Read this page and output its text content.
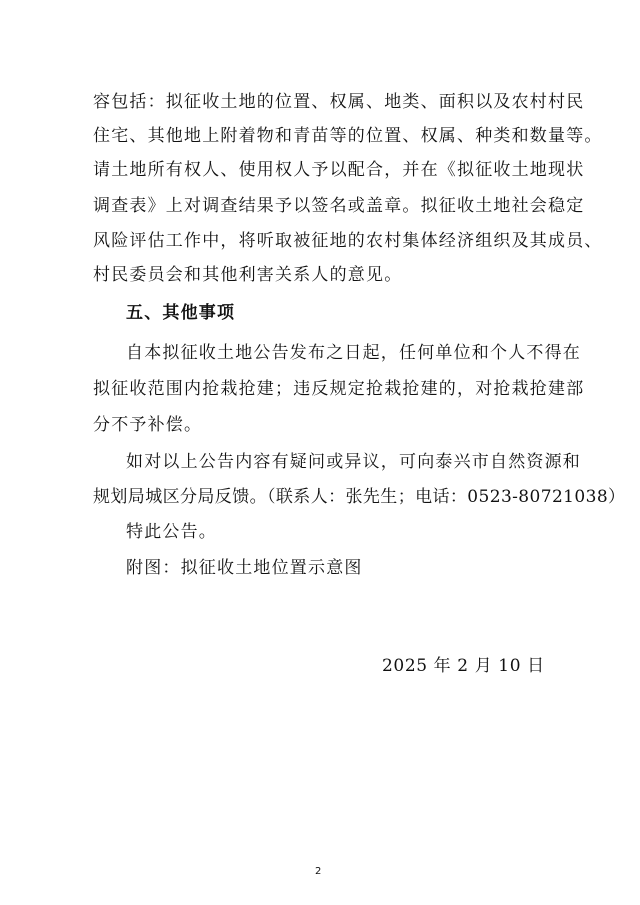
容包括：拟征收土地的位置、权属、地类、面积以及农村村民
住宅、其他地上附着物和青苗等的位置、权属、种类和数量等。
请土地所有权人、使用权人予以配合，并在《拟征收土地现状
调查表》上对调查结果予以签名或盖章。拟征收土地社会稳定
风险评估工作中，将听取被征地的农村集体经济组织及其成员、
村民委员会和其他利害关系人的意见。
五、其他事项
自本拟征收土地公告发布之日起，任何单位和个人不得在
拟征收范围内抢栽抢建；违反规定抢栽抢建的，对抢栽抢建部
分不予补偿。
如对以上公告内容有疑问或异议，可向泰兴市自然资源和
规划局城区分局反馈。（联系人：张先生；电话：0523-80721038）
特此公告。
附图：拟征收土地位置示意图
2025 年 2 月 10 日
2
